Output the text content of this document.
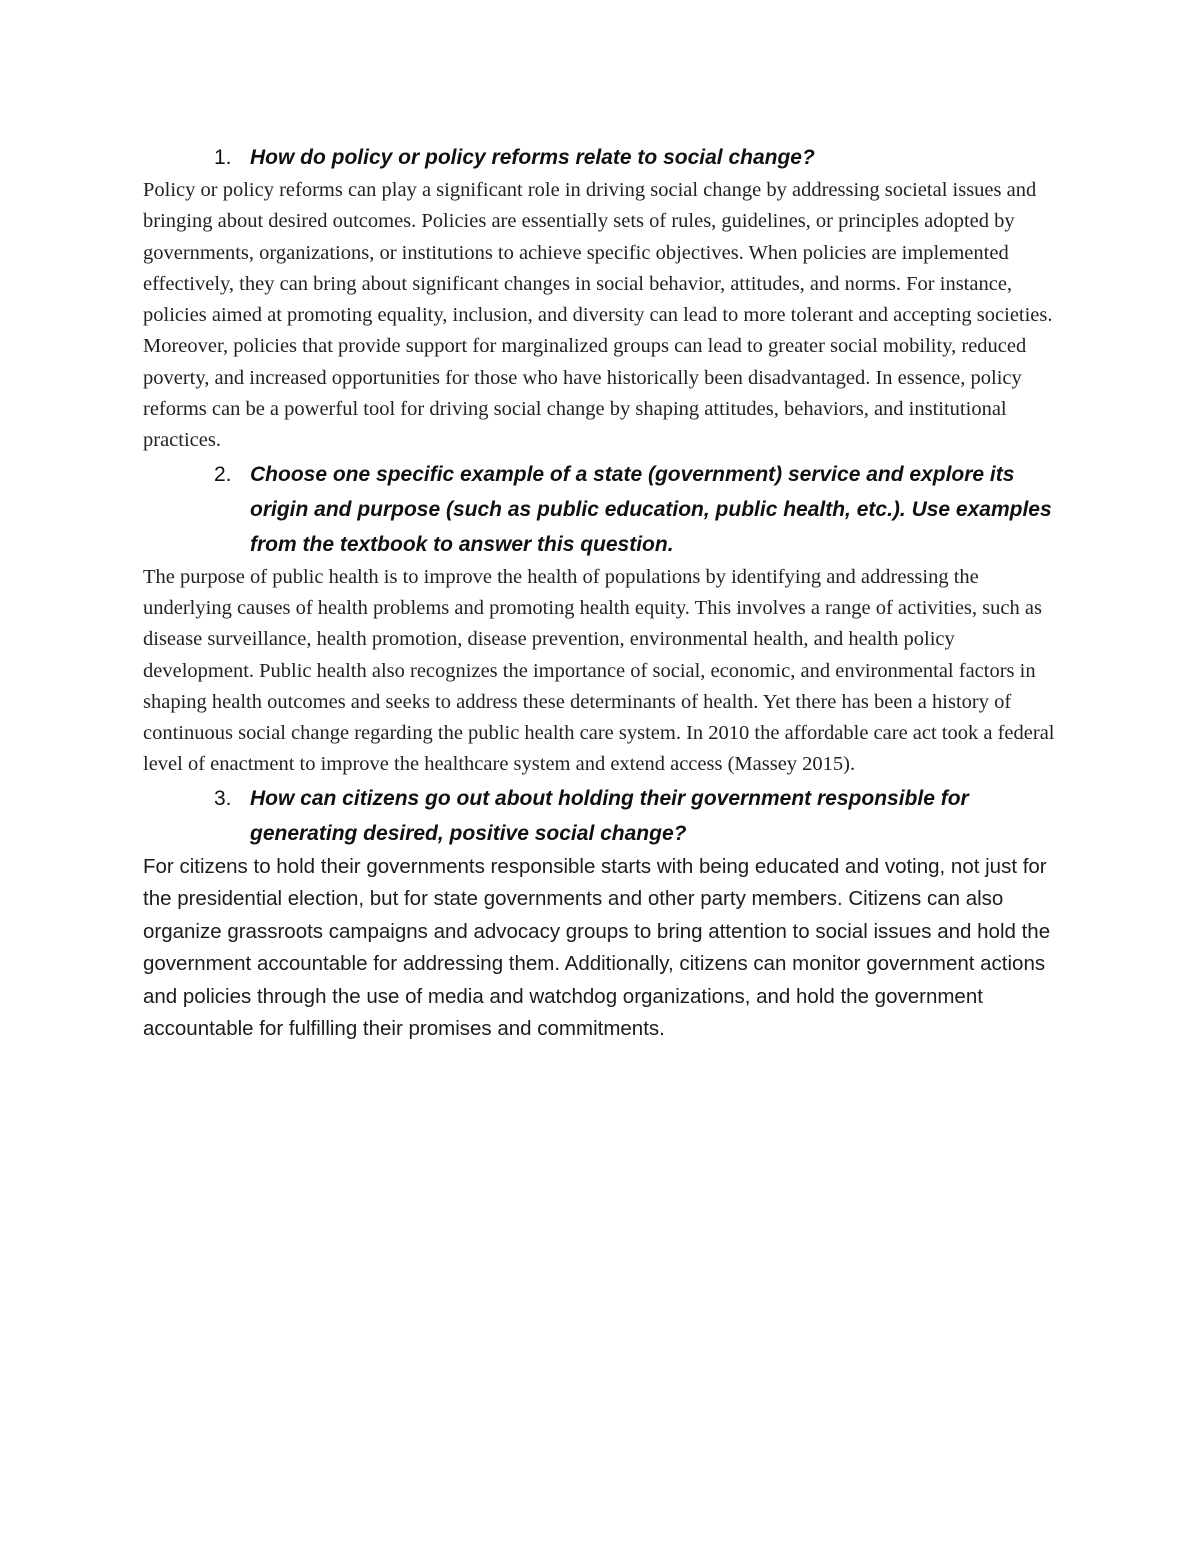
1. How do policy or policy reforms relate to social change?

Policy or policy reforms can play a significant role in driving social change by addressing societal issues and bringing about desired outcomes. Policies are essentially sets of rules, guidelines, or principles adopted by governments, organizations, or institutions to achieve specific objectives. When policies are implemented effectively, they can bring about significant changes in social behavior, attitudes, and norms. For instance, policies aimed at promoting equality, inclusion, and diversity can lead to more tolerant and accepting societies. Moreover, policies that provide support for marginalized groups can lead to greater social mobility, reduced poverty, and increased opportunities for those who have historically been disadvantaged. In essence, policy reforms can be a powerful tool for driving social change by shaping attitudes, behaviors, and institutional practices.

2. Choose one specific example of a state (government) service and explore its origin and purpose (such as public education, public health, etc.). Use examples from the textbook to answer this question.

The purpose of public health is to improve the health of populations by identifying and addressing the underlying causes of health problems and promoting health equity. This involves a range of activities, such as disease surveillance, health promotion, disease prevention, environmental health, and health policy development. Public health also recognizes the importance of social, economic, and environmental factors in shaping health outcomes and seeks to address these determinants of health. Yet there has been a history of continuous social change regarding the public health care system. In 2010 the affordable care act took a federal level of enactment to improve the healthcare system and extend access (Massey 2015).

3. How can citizens go out about holding their government responsible for generating desired, positive social change?

For citizens to hold their governments responsible starts with being educated and voting, not just for the presidential election, but for state governments and other party members. Citizens can also organize grassroots campaigns and advocacy groups to bring attention to social issues and hold the government accountable for addressing them. Additionally, citizens can monitor government actions and policies through the use of media and watchdog organizations, and hold the government accountable for fulfilling their promises and commitments.
